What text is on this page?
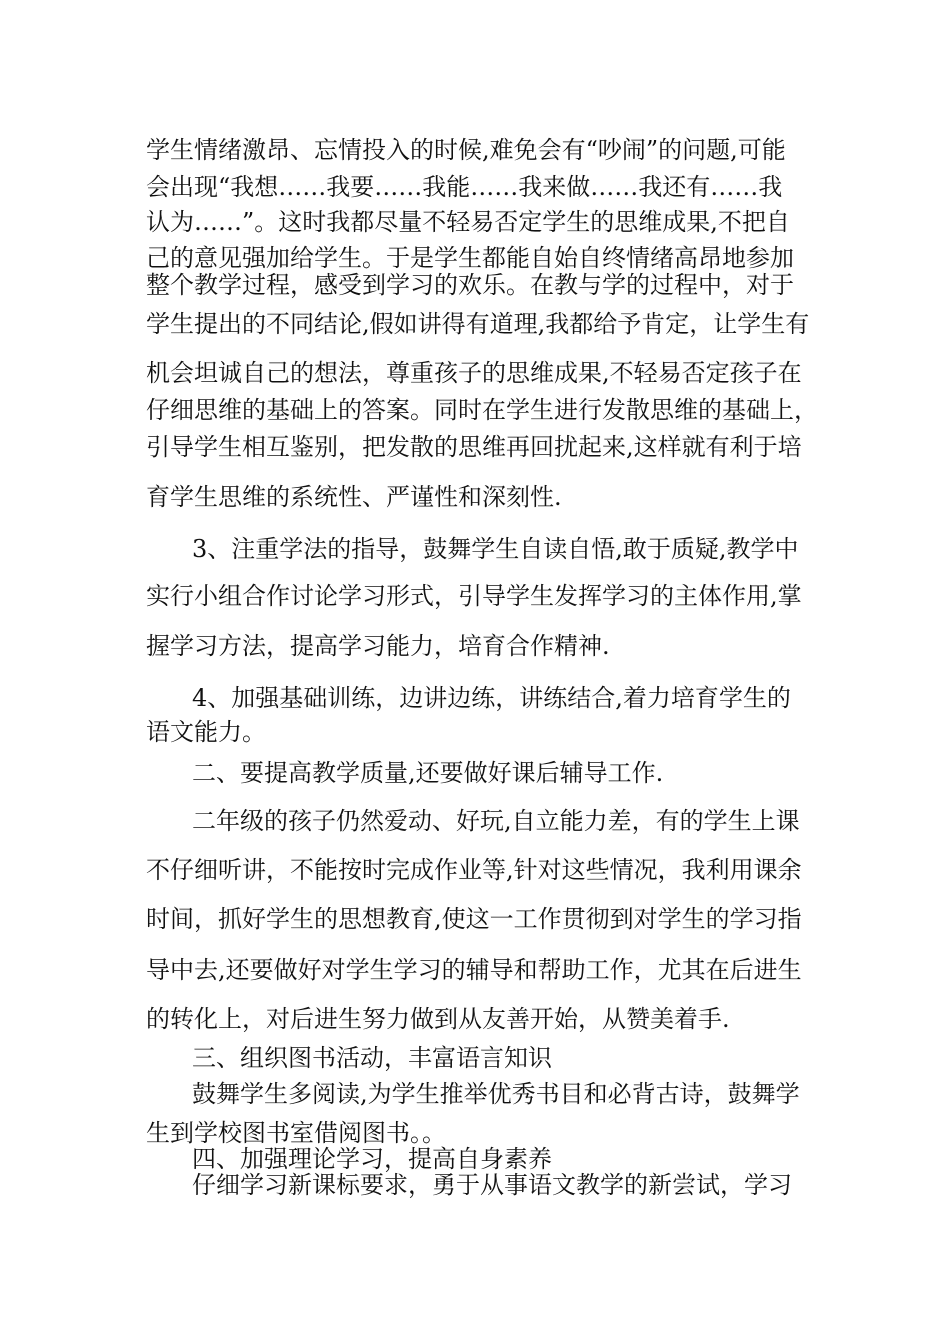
学生情绪激昂、忘情投入的时候,难免会有“吵闹”的问题,可能
会出现“我想……我要……我能……我来做……我还有……我
认为……”。这时我都尽量不轻易否定学生的思维成果,不把自
己的意见强加给学生。于是学生都能自始自终情绪高昂地参加
整个教学过程，感受到学习的欢乐。在教与学的过程中，对于
学生提出的不同结论,假如讲得有道理,我都给予肯定，让学生有
机会坦诚自己的想法，尊重孩子的思维成果,不轻易否定孩子在
仔细思维的基础上的答案。同时在学生进行发散思维的基础上，
引导学生相互鉴别，把发散的思维再回扰起来,这样就有利于培
育学生思维的系统性、严谨性和深刻性.
3、注重学法的指导，鼓舞学生自读自悟,敢于质疑,教学中
实行小组合作讨论学习形式，引导学生发挥学习的主体作用,掌
握学习方法，提高学习能力，培育合作精神.
4、加强基础训练，边讲边练，讲练结合,着力培育学生的
语文能力。
二、要提高教学质量,还要做好课后辅导工作.
二年级的孩子仍然爱动、好玩,自立能力差，有的学生上课
不仔细听讲，不能按时完成作业等,针对这些情况，我利用课余
时间，抓好学生的思想教育,使这一工作贯彻到对学生的学习指
导中去,还要做好对学生学习的辅导和帮助工作，尤其在后进生
的转化上，对后进生努力做到从友善开始，从赞美着手.
三、组织图书活动，丰富语言知识
鼓舞学生多阅读,为学生推举优秀书目和必背古诗，鼓舞学
生到学校图书室借阅图书。。
四、加强理论学习，提高自身素养
仔细学习新课标要求，勇于从事语文教学的新尝试，学习
